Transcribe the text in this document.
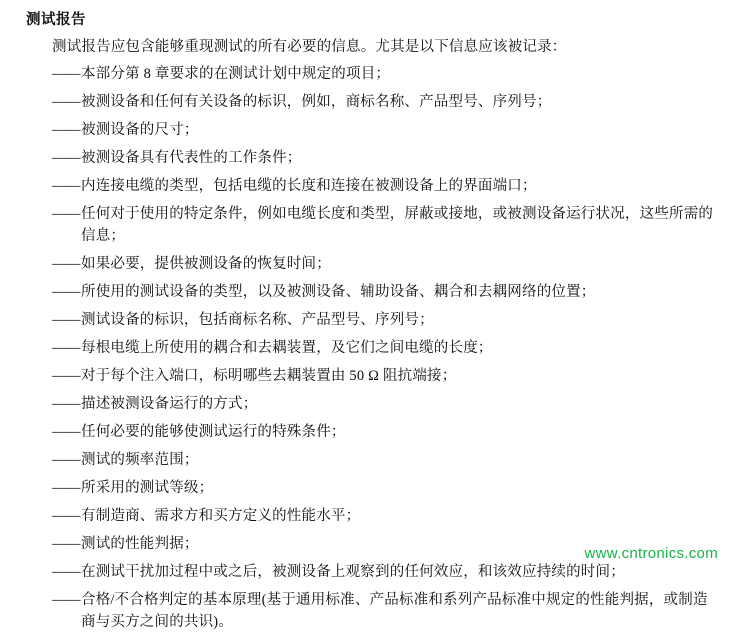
测试报告

测试报告应包含能够重现测试的所有必要的信息。尤其是以下信息应该被记录：

—— 本部分第 8 章要求的在测试计划中规定的项目；
—— 被测设备和任何有关设备的标识，例如，商标名称、产品型号、序列号；
—— 被测设备的尺寸；
—— 被测设备具有代表性的工作条件；
—— 内连接电缆的类型，包括电缆的长度和连接在被测设备上的界面端口；
—— 任何对于使用的特定条件，例如电缆长度和类型，屏蔽或接地，或被测设备运行状况，这些所需的信息；
—— 如果必要，提供被测设备的恢复时间；
—— 所使用的测试设备的类型，以及被测设备、辅助设备、耦合和去耦网络的位置；
—— 测试设备的标识，包括商标名称、产品型号、序列号；
—— 每根电缆上所使用的耦合和去耦装置，及它们之间电缆的长度；
—— 对于每个注入端口，标明哪些去耦装置由 50 Ω 阻抗端接；
—— 描述被测设备运行的方式；
—— 任何必要的能够使测试运行的特殊条件；
—— 测试的频率范围；
—— 所采用的测试等级；
—— 有制造商、需求方和买方定义的性能水平；
—— 测试的性能判据；
—— 在测试干扰加过程中或之后，被测设备上观察到的任何效应，和该效应持续的时间；
—— 合格/不合格判定的基本原理(基于通用标准、产品标准和系列产品标准中规定的性能判据，或制造商与买方之间的共识)。
www.cntronics.com
